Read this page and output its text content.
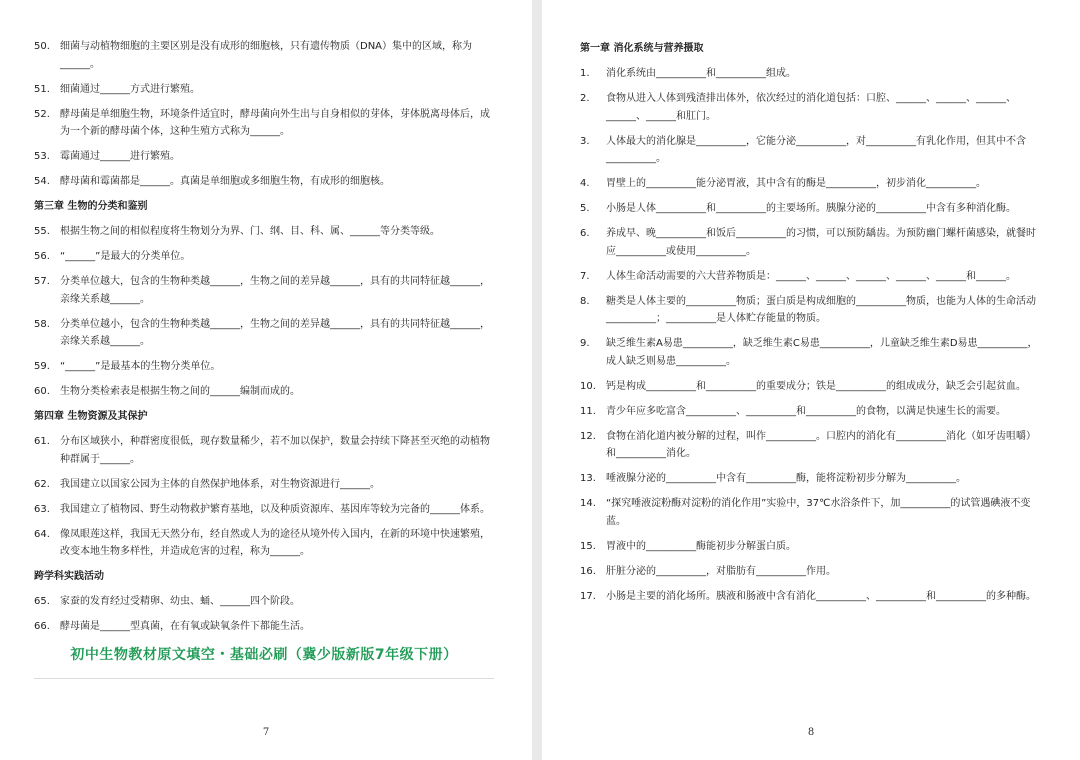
50. 细菌与动植物细胞的主要区别是没有成形的细胞核，只有遗传物质（DNA）集中的区域，称为______。
51. 细菌通过______方式进行繁殖。
52. 酵母菌是单细胞生物，环境条件适宜时，酵母菌向外生出与自身相似的芽体，芽体脱离母体后，成为一个新的酵母菌个体，这种生殖方式称为______。
53. 霉菌通过______进行繁殖。
54. 酵母菌和霉菌都是______。真菌是单细胞或多细胞生物，有成形的细胞核。
第三章 生物的分类和鉴别
55. 根据生物之间的相似程度将生物划分为界、门、纲、目、科、属、______等分类等级。
56. “______”是最大的分类单位。
57. 分类单位越大，包含的生物种类越______，生物之间的差异越______，具有的共同特征越______，亲缘关系越______。
58. 分类单位越小，包含的生物种类越______，生物之间的差异越______，具有的共同特征越______，亲缘关系越______。
59. “______”是最基本的生物分类单位。
60. 生物分类检索表是根据生物之间的______编制而成的。
第四章 生物资源及其保护
61. 分布区域狭小，种群密度很低，现存数量稀少，若不加以保护，数量会持续下降甚至灭绝的动植物种群属于______。
62. 我国建立以国家公园为主体的自然保护地体系，对生物资源进行______。
63. 我国建立了植物园、野生动物救护繁育基地，以及种质资源库、基因库等较为完备的______体系。
64. 像凤眼莲这样，我国无天然分布，经自然或人为的途径从境外传入国内，在新的环境中快速繁殖，改变本地生物多样性，并造成危害的过程，称为______。
跨学科实践活动
65. 家蚕的发育经过受精卵、幼虫、蛹、______四个阶段。
66. 酵母菌是______型真菌，在有氧或缺氧条件下都能生活。
初中生物教材原文填空・基础必刷（冀少版新版7年级下册）
7
第一章 消化系统与营养摄取
1. 消化系统由__________和__________组成。
2. 食物从进入人体到残渣排出体外，依次经过的消化道包括：口腔、______、______、______、______、______和肛门。
3. 人体最大的消化腺是__________，它能分泌__________，对__________有乳化作用，但其中不含__________。
4. 胃壁上的__________能分泌胃液，其中含有的酶是__________，初步消化__________。
5. 小肠是人体__________和__________的主要场所。胰腺分泌的__________中含有多种消化酶。
6. 养成早、晚__________和饭后__________的习惯，可以预防龋齿。为预防幽门螺杆菌感染，就餐时应__________或使用__________。
7. 人体生命活动需要的六大营养物质是：______、______、______、______、______和______。
8. 糖类是人体主要的__________物质；蛋白质是构成细胞的__________物质，也能为人体的生命活动__________；__________是人体贮存能量的物质。
9. 缺乏维生素A易患__________，缺乏维生素C易患__________，儿童缺乏维生素D易患__________，成人缺乏则易患__________。
10. 钙是构成__________和__________的重要成分；铁是__________的组成成分，缺乏会引起贫血。
11. 青少年应多吃富含__________、__________和__________的食物，以满足快速生长的需要。
12. 食物在消化道内被分解的过程，叫作__________。口腔内的消化有__________消化（如牙齿咀嚼）和__________消化。
13. 唾液腺分泌的__________中含有__________酶，能将淀粉初步分解为__________。
14. “探究唾液淀粉酶对淀粉的消化作用”实验中，37℃水浴条件下，加__________的试管遇碘液不变蓝。
15. 胃液中的__________酶能初步分解蛋白质。
16. 肝脏分泌的__________，对脂肪有__________作用。
17. 小肠是主要的消化场所。胰液和肠液中含有消化__________、__________和__________的多种酶。
8
